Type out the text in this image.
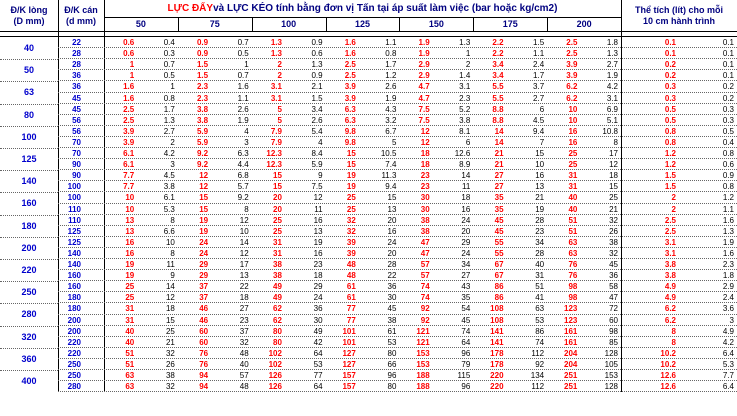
Đ/K lòng
(D mm)
Đ/K cán
(d mm)
LỰC ĐẨY và LỰC KÉO tính bằng đơn vị Tấn tại áp suất làm việc (bar hoặc kg/cm2)	Thể tích (lít) cho mỗi
10 cm hành trình
50	75	100	125	150	175	200
40
22	0.6	0.4	0.9	0.7	1.3	0.9	1.6	1.1	1.9	1.3	2.2	1.5	2.5	1.8	0.1	0.1
28	0.6	0.3	0.9	0.5	1.3	0.6	1.6	0.8	1.9	1	2.2	1.1	2.5	1.3	0.1	0.1
50
28	1	0.7	1.5	1	2	1.3	2.5	1.7	2.9	2	3.4	2.4	3.9	2.7	0.2	0.1
36	1	0.5	1.5	0.7	2	0.9	2.5	1.2	2.9	1.4	3.4	1.7	3.9	1.9	0.2	0.1
63
36	1.6	1	2.3	1.6	3.1	2.1	3.9	2.6	4.7	3.1	5.5	3.7	6.2	4.2	0.3	0.2
45	1.6	0.8	2.3	1.1	3.1	1.5	3.9	1.9	4.7	2.3	5.5	2.7	6.2	3.1	0.3	0.2
80
45	2.5	1.7	3.8	2.6	5	3.4	6.3	4.3	7.5	5.2	8.8	6	10	6.9	0.5	0.3
56	2.5	1.3	3.8	1.9	5	2.6	6.3	3.2	7.5	3.8	8.8	4.5	10	5.1	0.5	0.3
100
56	3.9	2.7	5.9	4	7.9	5.4	9.8	6.7	12	8.1	14	9.4	16	10.8	0.8	0.5
70	3.9	2	5.9	3	7.9	4	9.8	5	12	6	14	7	16	8	0.8	0.4
125
70	6.1	4.2	9.2	6.3	12.3	8.4	15	10.5	18	12.6	21	15	25	17	1.2	0.8
90	6.1	3	9.2	4.4	12.3	5.9	15	7.4	18	8.9	21	10	25	12	1.2	0.6
140
90	7.7	4.5	12	6.8	15	9	19	11.3	23	14	27	16	31	18	1.5	0.9
100	7.7	3.8	12	5.7	15	7.5	19	9.4	23	11	27	13	31	15	1.5	0.8
160
100	10	6.1	15	9.2	20	12	25	15	30	18	35	21	40	25	2	1.2
110	10	5.3	15	8	20	11	25	13	30	16	35	19	40	21	2	1.1
180
110	13	8	19	12	25	16	32	20	38	24	45	28	51	32	2.5	1.6
125	13	6.6	19	10	25	13	32	16	38	20	45	23	51	26	2.5	1.3
200
125	16	10	24	14	31	19	39	24	47	29	55	34	63	38	3.1	1.9
140	16	8	24	12	31	16	39	20	47	24	55	28	63	32	3.1	1.6
220
140	19	11	29	17	38	23	48	28	57	34	67	40	76	45	3.8	2.3
160	19	9	29	13	38	18	48	22	57	27	67	31	76	36	3.8	1.8
250
160	25	14	37	22	49	29	61	36	74	43	86	51	98	58	4.9	2.9
180	25	12	37	18	49	24	61	30	74	35	86	41	98	47	4.9	2.4
280
180	31	18	46	27	62	36	77	45	92	54	108	63	123	72	6.2	3.6
200	31	15	46	23	62	30	77	38	92	45	108	53	123	60	6.2	3
320
200	40	25	60	37	80	49	101	61	121	74	141	86	161	98	8	4.9
220	40	21	60	32	80	42	101	53	121	64	141	74	161	85	8	4.2
360
220	51	32	76	48	102	64	127	80	153	96	178	112	204	128	10.2	6.4
250	51	26	76	40	102	53	127	66	153	79	178	92	204	105	10.2	5.3
400
250	63	38	94	57	126	77	157	96	188	115	220	134	251	153	12.6	7.7
280	63	32	94	48	126	64	157	80	188	96	220	112	251	128	12.6	6.4
